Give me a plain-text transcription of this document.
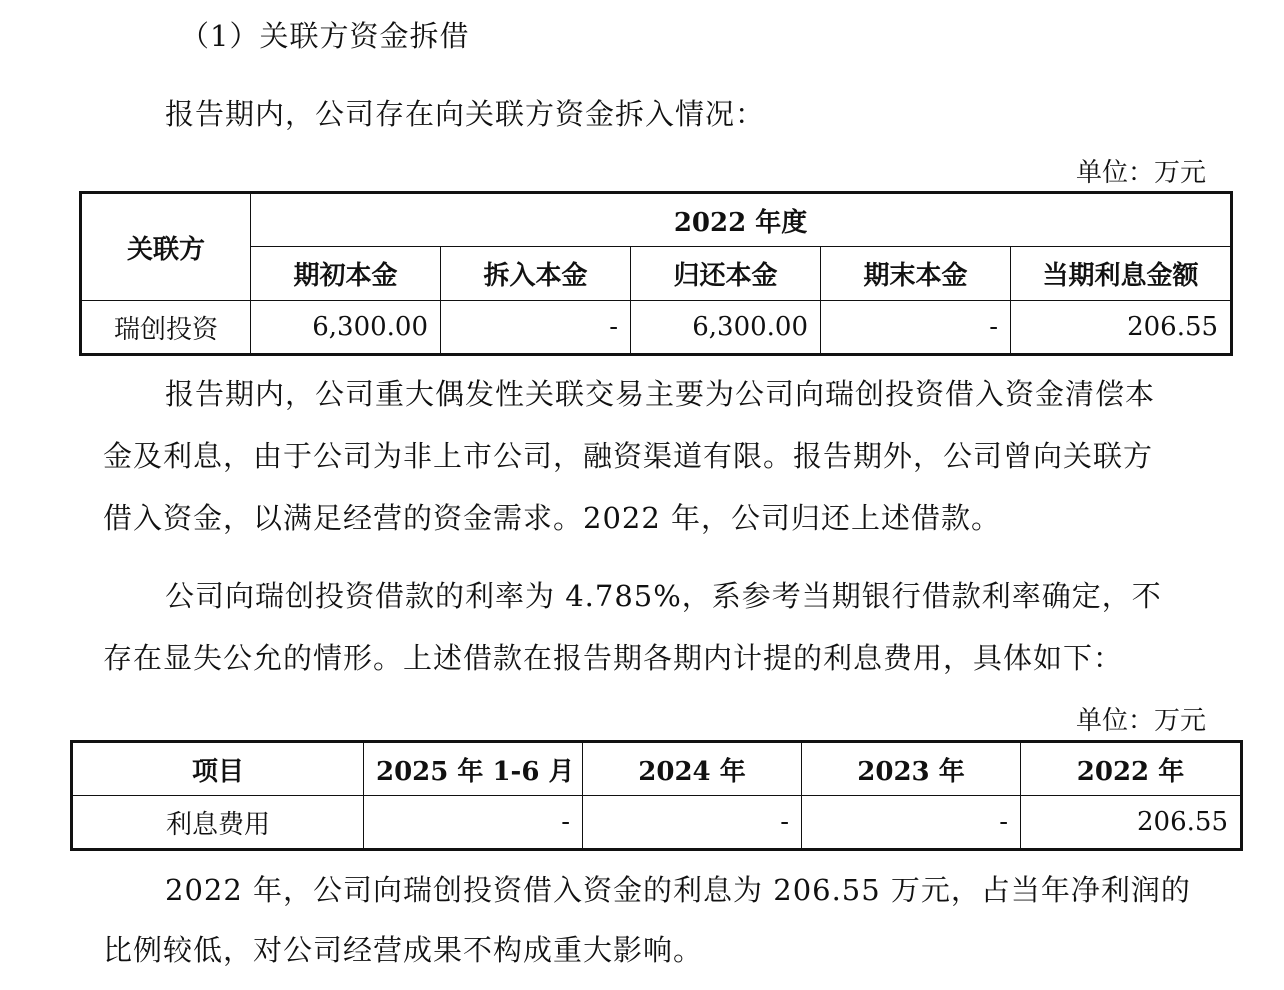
（1）关联方资金拆借
报告期内，公司存在向关联方资金拆入情况：
单位：万元
关联方	2022 年度				
	期初本金	拆入本金	归还本金	期末本金	当期利息金额
瑞创投资	6,300.00	-	6,300.00	-	206.55
报告期内，公司重大偶发性关联交易主要为公司向瑞创投资借入资金清偿本
金及利息，由于公司为非上市公司，融资渠道有限。报告期外，公司曾向关联方
借入资金，以满足经营的资金需求。2022 年，公司归还上述借款。
公司向瑞创投资借款的利率为 4.785%，系参考当期银行借款利率确定，不
存在显失公允的情形。上述借款在报告期各期内计提的利息费用，具体如下：
单位：万元
项目	2025 年 1-6 月	2024 年	2023 年	2022 年
利息费用	-	-	-	206.55
2022 年，公司向瑞创投资借入资金的利息为 206.55 万元，占当年净利润的
比例较低，对公司经营成果不构成重大影响。
